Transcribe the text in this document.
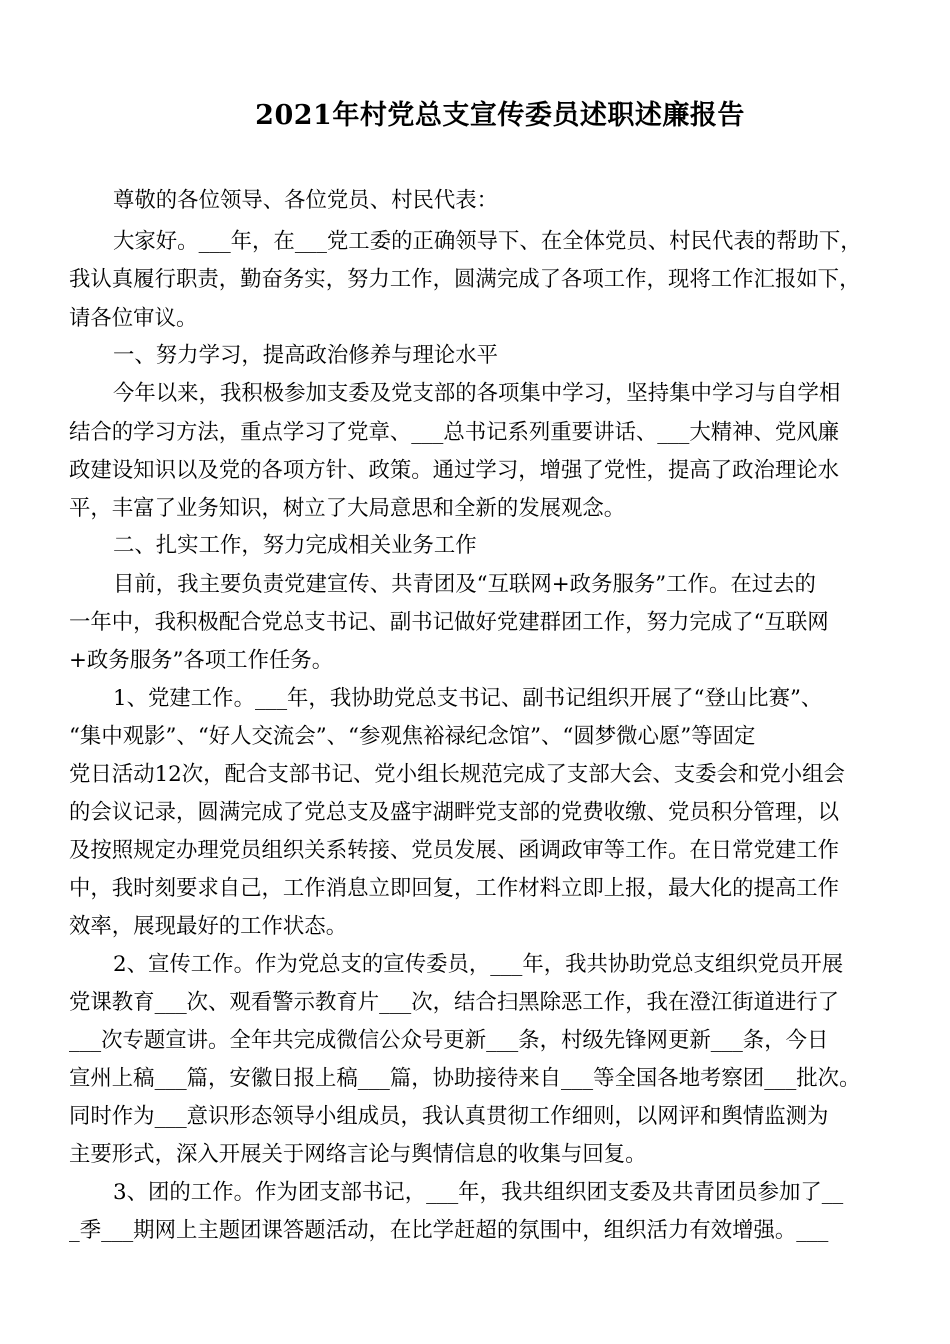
2021年村党总支宣传委员述职述廉报告
尊敬的各位领导、各位党员、村民代表：
大家好。___年，在___党工委的正确领导下、在全体党员、村民代表的帮助下，
我认真履行职责，勤奋务实，努力工作，圆满完成了各项工作，现将工作汇报如下，
请各位审议。
一、努力学习，提高政治修养与理论水平
今年以来，我积极参加支委及党支部的各项集中学习，坚持集中学习与自学相
结合的学习方法，重点学习了党章、___总书记系列重要讲话、___大精神、党风廉
政建设知识以及党的各项方针、政策。通过学习，增强了党性，提高了政治理论水
平，丰富了业务知识，树立了大局意思和全新的发展观念。
二、扎实工作，努力完成相关业务工作
目前，我主要负责党建宣传、共青团及“互联网+政务服务”工作。在过去的
一年中，我积极配合党总支书记、副书记做好党建群团工作，努力完成了“互联网
+政务服务”各项工作任务。
1、党建工作。___年，我协助党总支书记、副书记组织开展了“登山比赛”、
“集中观影”、“好人交流会”、“参观焦裕禄纪念馆”、“圆梦微心愿”等固定
党日活动12次，配合支部书记、党小组长规范完成了支部大会、支委会和党小组会
的会议记录，圆满完成了党总支及盛宇湖畔党支部的党费收缴、党员积分管理，以
及按照规定办理党员组织关系转接、党员发展、函调政审等工作。在日常党建工作
中，我时刻要求自己，工作消息立即回复，工作材料立即上报，最大化的提高工作
效率，展现最好的工作状态。
2、宣传工作。作为党总支的宣传委员，___年，我共协助党总支组织党员开展
党课教育___次、观看警示教育片___次，结合扫黑除恶工作，我在澄江街道进行了
___次专题宣讲。全年共完成微信公众号更新___条，村级先锋网更新___条，今日
宣州上稿___篇，安徽日报上稿___篇，协助接待来自___等全国各地考察团___批次。
同时作为___意识形态领导小组成员，我认真贯彻工作细则，以网评和舆情监测为
主要形式，深入开展关于网络言论与舆情信息的收集与回复。
3、团的工作。作为团支部书记，___年，我共组织团支委及共青团员参加了__
_季___期网上主题团课答题活动，在比学赶超的氛围中，组织活力有效增强。___
